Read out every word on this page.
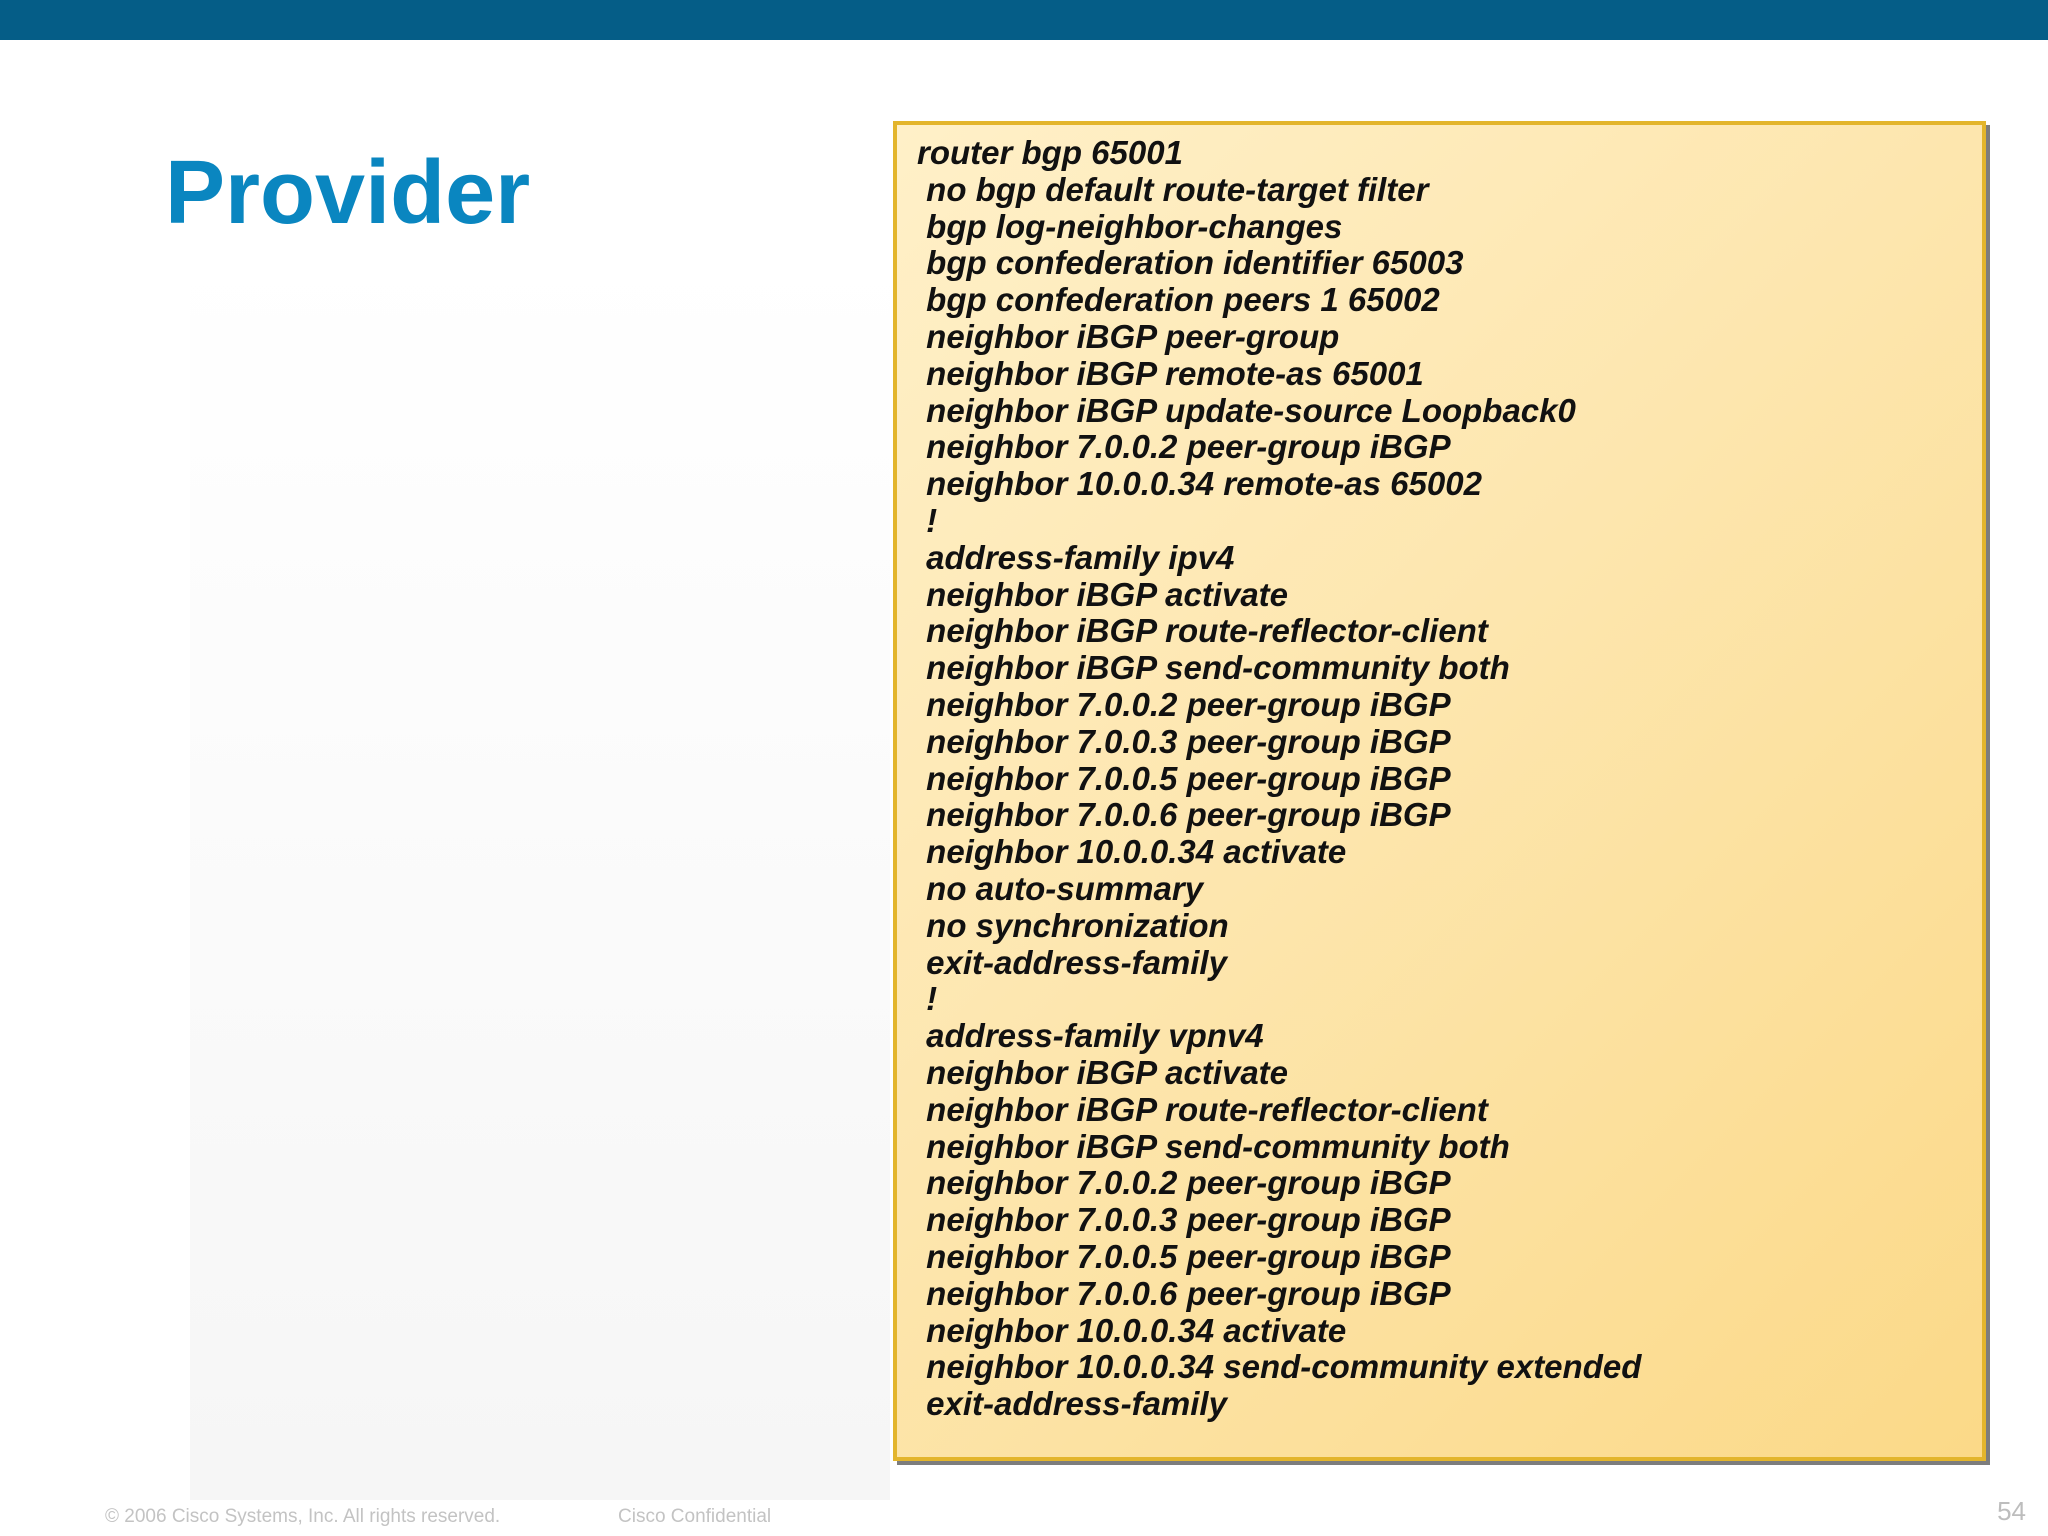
Provider	router bgp 65001
no bgp default route-target filter
bgp log-neighbor-changes
bgp confederation identifier 65003
bgp confederation peers 1 65002
neighbor iBGP peer-group
neighbor iBGP remote-as 65001
neighbor iBGP update-source Loopback0
neighbor 7.0.0.2 peer-group iBGP
neighbor 10.0.0.34 remote-as 65002
!
address-family ipv4
neighbor iBGP activate
neighbor iBGP route-reflector-client
neighbor iBGP send-community both
neighbor 7.0.0.2 peer-group iBGP
neighbor 7.0.0.3 peer-group iBGP
neighbor 7.0.0.5 peer-group iBGP
neighbor 7.0.0.6 peer-group iBGP
neighbor 10.0.0.34 activate
no auto-summary
no synchronization
exit-address-family
!
address-family vpnv4
neighbor iBGP activate
neighbor iBGP route-reflector-client
neighbor iBGP send-community both
neighbor 7.0.0.2 peer-group iBGP
neighbor 7.0.0.3 peer-group iBGP
neighbor 7.0.0.5 peer-group iBGP
neighbor 7.0.0.6 peer-group iBGP
neighbor 10.0.0.34 activate
neighbor 10.0.0.34 send-community extended
exit-address-family
© 2006 Cisco Systems, Inc. All rights reserved.	Cisco Confidential	54
